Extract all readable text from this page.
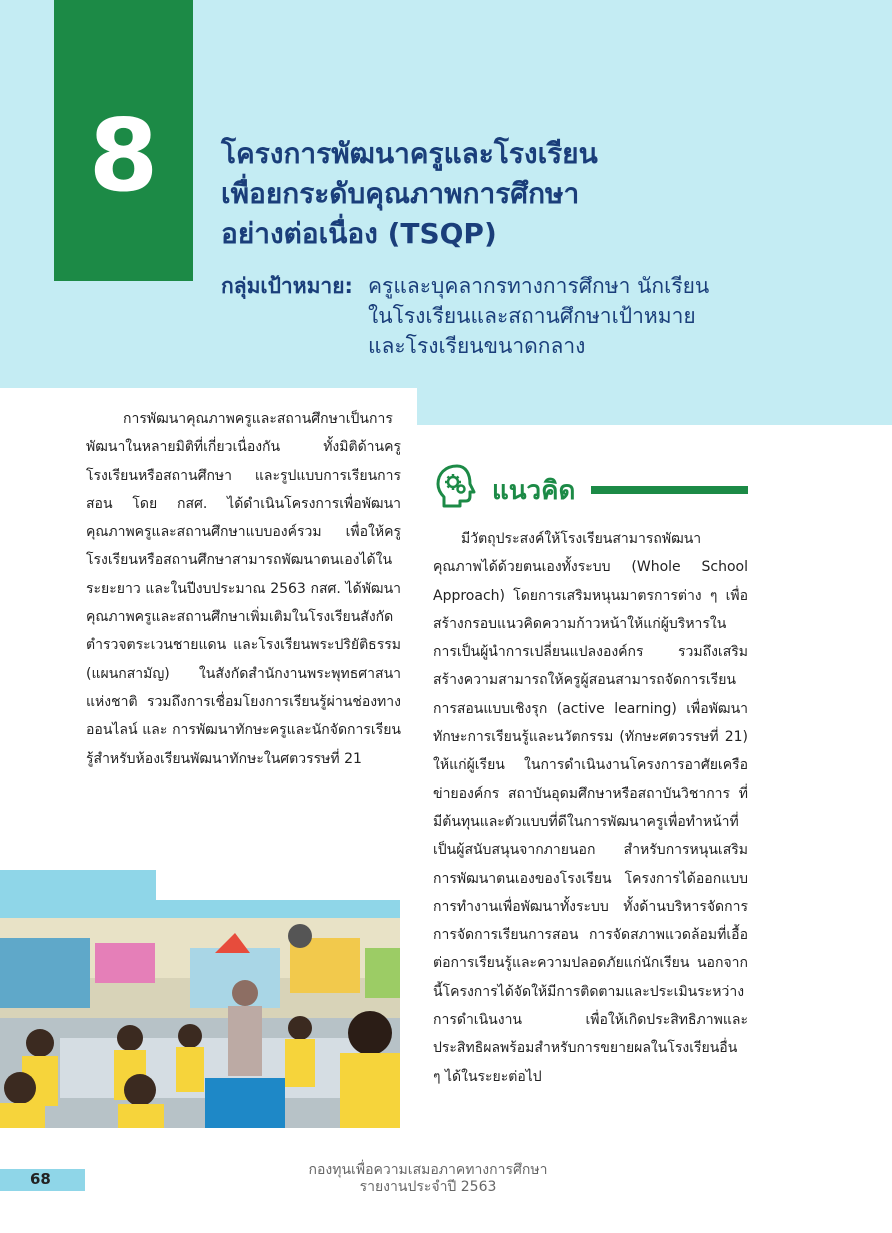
8 โครงการพัฒนาครูและโรงเรียน
เพื่อยกระดับคุณภาพการศึกษา
อย่างต่อเนื่อง (TSQP)
กลุ่มเป้าหมาย: ครูและบุคลากรทางการศึกษา นักเรียน
ในโรงเรียนและสถานศึกษาเป้าหมาย
และโรงเรียนขนาดกลาง
การพัฒนาคุณภาพครูและสถานศึกษาเป็นการพัฒนาในหลายมิติที่เกี่ยวเนื่องกัน ทั้งมิติด้านครู โรงเรียนหรือสถานศึกษา และรูปแบบการเรียนการสอน โดย กสศ. ได้ดำเนินโครงการเพื่อพัฒนาคุณภาพครูและสถานศึกษาแบบองค์รวม เพื่อให้ครู โรงเรียนหรือสถานศึกษาสามารถพัฒนาตนเองได้ในระยะยาว และในปีงบประมาณ 2563 กสศ. ได้พัฒนาคุณภาพครูและสถานศึกษาเพิ่มเติมในโรงเรียนสังกัดตำรวจตระเวนชายแดน และโรงเรียนพระปริยัติธรรม (แผนกสามัญ) ในสังกัดสำนักงานพระพุทธศาสนาแห่งชาติ รวมถึงการเชื่อมโยงการเรียนรู้ผ่านช่องทางออนไลน์ และ การพัฒนาทักษะครูและนักจัดการเรียนรู้สำหรับห้องเรียนพัฒนาทักษะในศตวรรษที่ 21
แนวคิด
มีวัตถุประสงค์ให้โรงเรียนสามารถพัฒนาคุณภาพได้ด้วยตนเองทั้งระบบ (Whole School Approach) โดยการเสริมหนุนมาตรการต่าง ๆ เพื่อสร้างกรอบแนวคิดความก้าวหน้าให้แก่ผู้บริหารในการเป็นผู้นำการเปลี่ยนแปลงองค์กร รวมถึงเสริมสร้างความสามารถให้ครูผู้สอนสามารถจัดการเรียนการสอนแบบเชิงรุก (active learning) เพื่อพัฒนาทักษะการเรียนรู้และนวัตกรรม (ทักษะศตวรรษที่ 21) ให้แก่ผู้เรียน ในการดำเนินงานโครงการอาศัยเครือข่ายองค์กร สถาบันอุดมศึกษาหรือสถาบันวิชาการ ที่มีต้นทุนและตัวแบบที่ดีในการพัฒนาครูเพื่อทำหน้าที่เป็นผู้สนับสนุนจากภายนอก สำหรับการหนุนเสริมการพัฒนาตนเองของโรงเรียน โครงการได้ออกแบบการทำงานเพื่อพัฒนาทั้งระบบ ทั้งด้านบริหารจัดการ การจัดการเรียนการสอน การจัดสภาพแวดล้อมที่เอื้อต่อการเรียนรู้และความปลอดภัยแก่นักเรียน นอกจากนี้โครงการได้จัดให้มีการติดตามและประเมินระหว่างการดำเนินงาน เพื่อให้เกิดประสิทธิภาพและประสิทธิผลพร้อมสำหรับการขยายผลในโรงเรียนอื่น ๆ ได้ในระยะต่อไป
68	กองทุนเพื่อความเสมอภาคทางการศึกษา
รายงานประจำปี 2563
